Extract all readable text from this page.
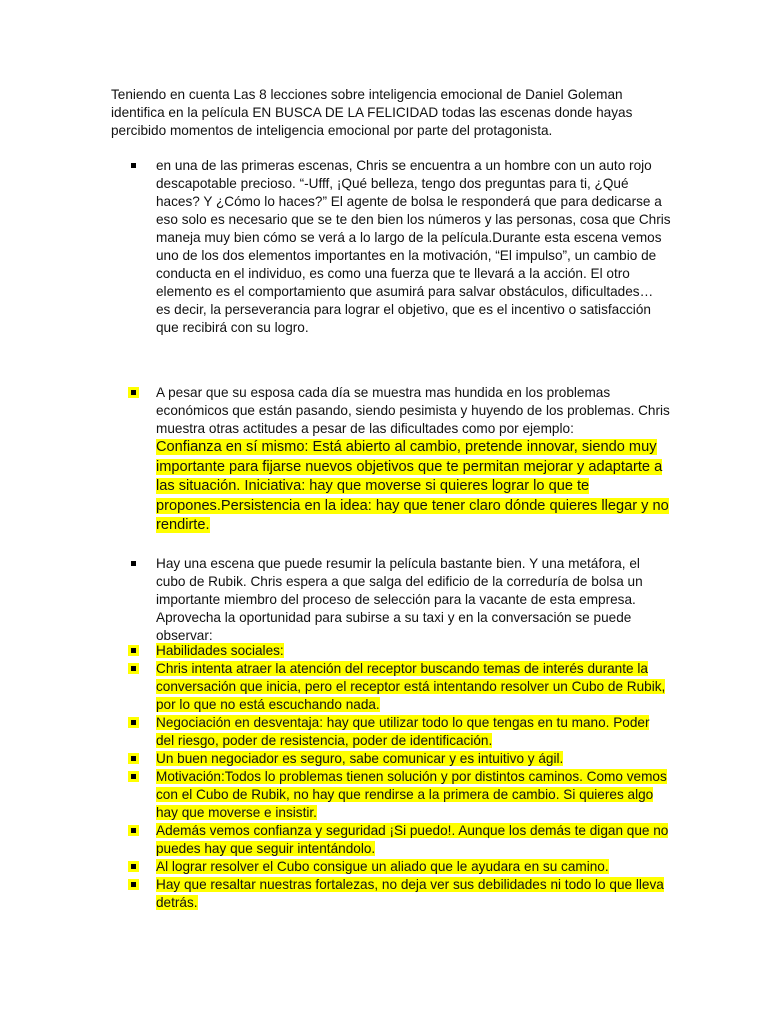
Teniendo en cuenta Las 8 lecciones sobre inteligencia emocional de Daniel Goleman identifica en la película EN BUSCA DE LA FELICIDAD todas las escenas donde hayas percibido momentos de inteligencia emocional por parte del protagonista.

en una de las primeras escenas, Chris se encuentra a un hombre con un auto rojo descapotable precioso. “-Ufff, ¡Qué belleza, tengo dos preguntas para ti, ¿Qué haces? Y ¿Cómo lo haces?” El agente de bolsa le responderá que para dedicarse a eso solo es necesario que se te den bien los números y las personas, cosa que Chris maneja muy bien cómo se verá a lo largo de la película.Durante esta escena vemos uno de los dos elementos importantes en la motivación, “El impulso”, un cambio de conducta en el individuo, es como una fuerza que te llevará a la acción. El otro elemento es el comportamiento que asumirá para salvar obstáculos, dificultades… es decir, la perseverancia para lograr el objetivo, que es el incentivo o satisfacción que recibirá con su logro.
A pesar que su esposa cada día se muestra mas hundida en los problemas económicos que están pasando, siendo pesimista y huyendo de los problemas. Chris muestra otras actitudes a pesar de las dificultades como por ejemplo:
Confianza en sí mismo: Está abierto al cambio, pretende innovar, siendo muy importante para fijarse nuevos objetivos que te permitan mejorar y adaptarte a las situación. Iniciativa: hay que moverse si quieres lograr lo que te propones.Persistencia en la idea: hay que tener claro dónde quieres llegar y no rendirte.
Hay una escena que puede resumir la película bastante bien. Y una metáfora, el cubo de Rubik. Chris espera a que salga del edificio de la correduría de bolsa un importante miembro del proceso de selección para la vacante de esta empresa. Aprovecha la oportunidad para subirse a su taxi y en la conversación se puede observar:
Habilidades sociales:
Chris intenta atraer la atención del receptor buscando temas de interés durante la conversación que inicia, pero el receptor está intentando resolver un Cubo de Rubik, por lo que no está escuchando nada.
Negociación en desventaja: hay que utilizar todo lo que tengas en tu mano. Poder del riesgo, poder de resistencia, poder de identificación.
Un buen negociador es seguro, sabe comunicar y es intuitivo y ágil.
Motivación:Todos lo problemas tienen solución y por distintos caminos. Como vemos con el Cubo de Rubik, no hay que rendirse a la primera de cambio. Si quieres algo hay que moverse e insistir.
Además vemos confianza y seguridad ¡Si puedo!. Aunque los demás te digan que no puedes hay que seguir intentándolo.
Al lograr resolver el Cubo consigue un aliado que le ayudara en su camino.
Hay que resaltar nuestras fortalezas, no deja ver sus debilidades ni todo lo que lleva detrás.
